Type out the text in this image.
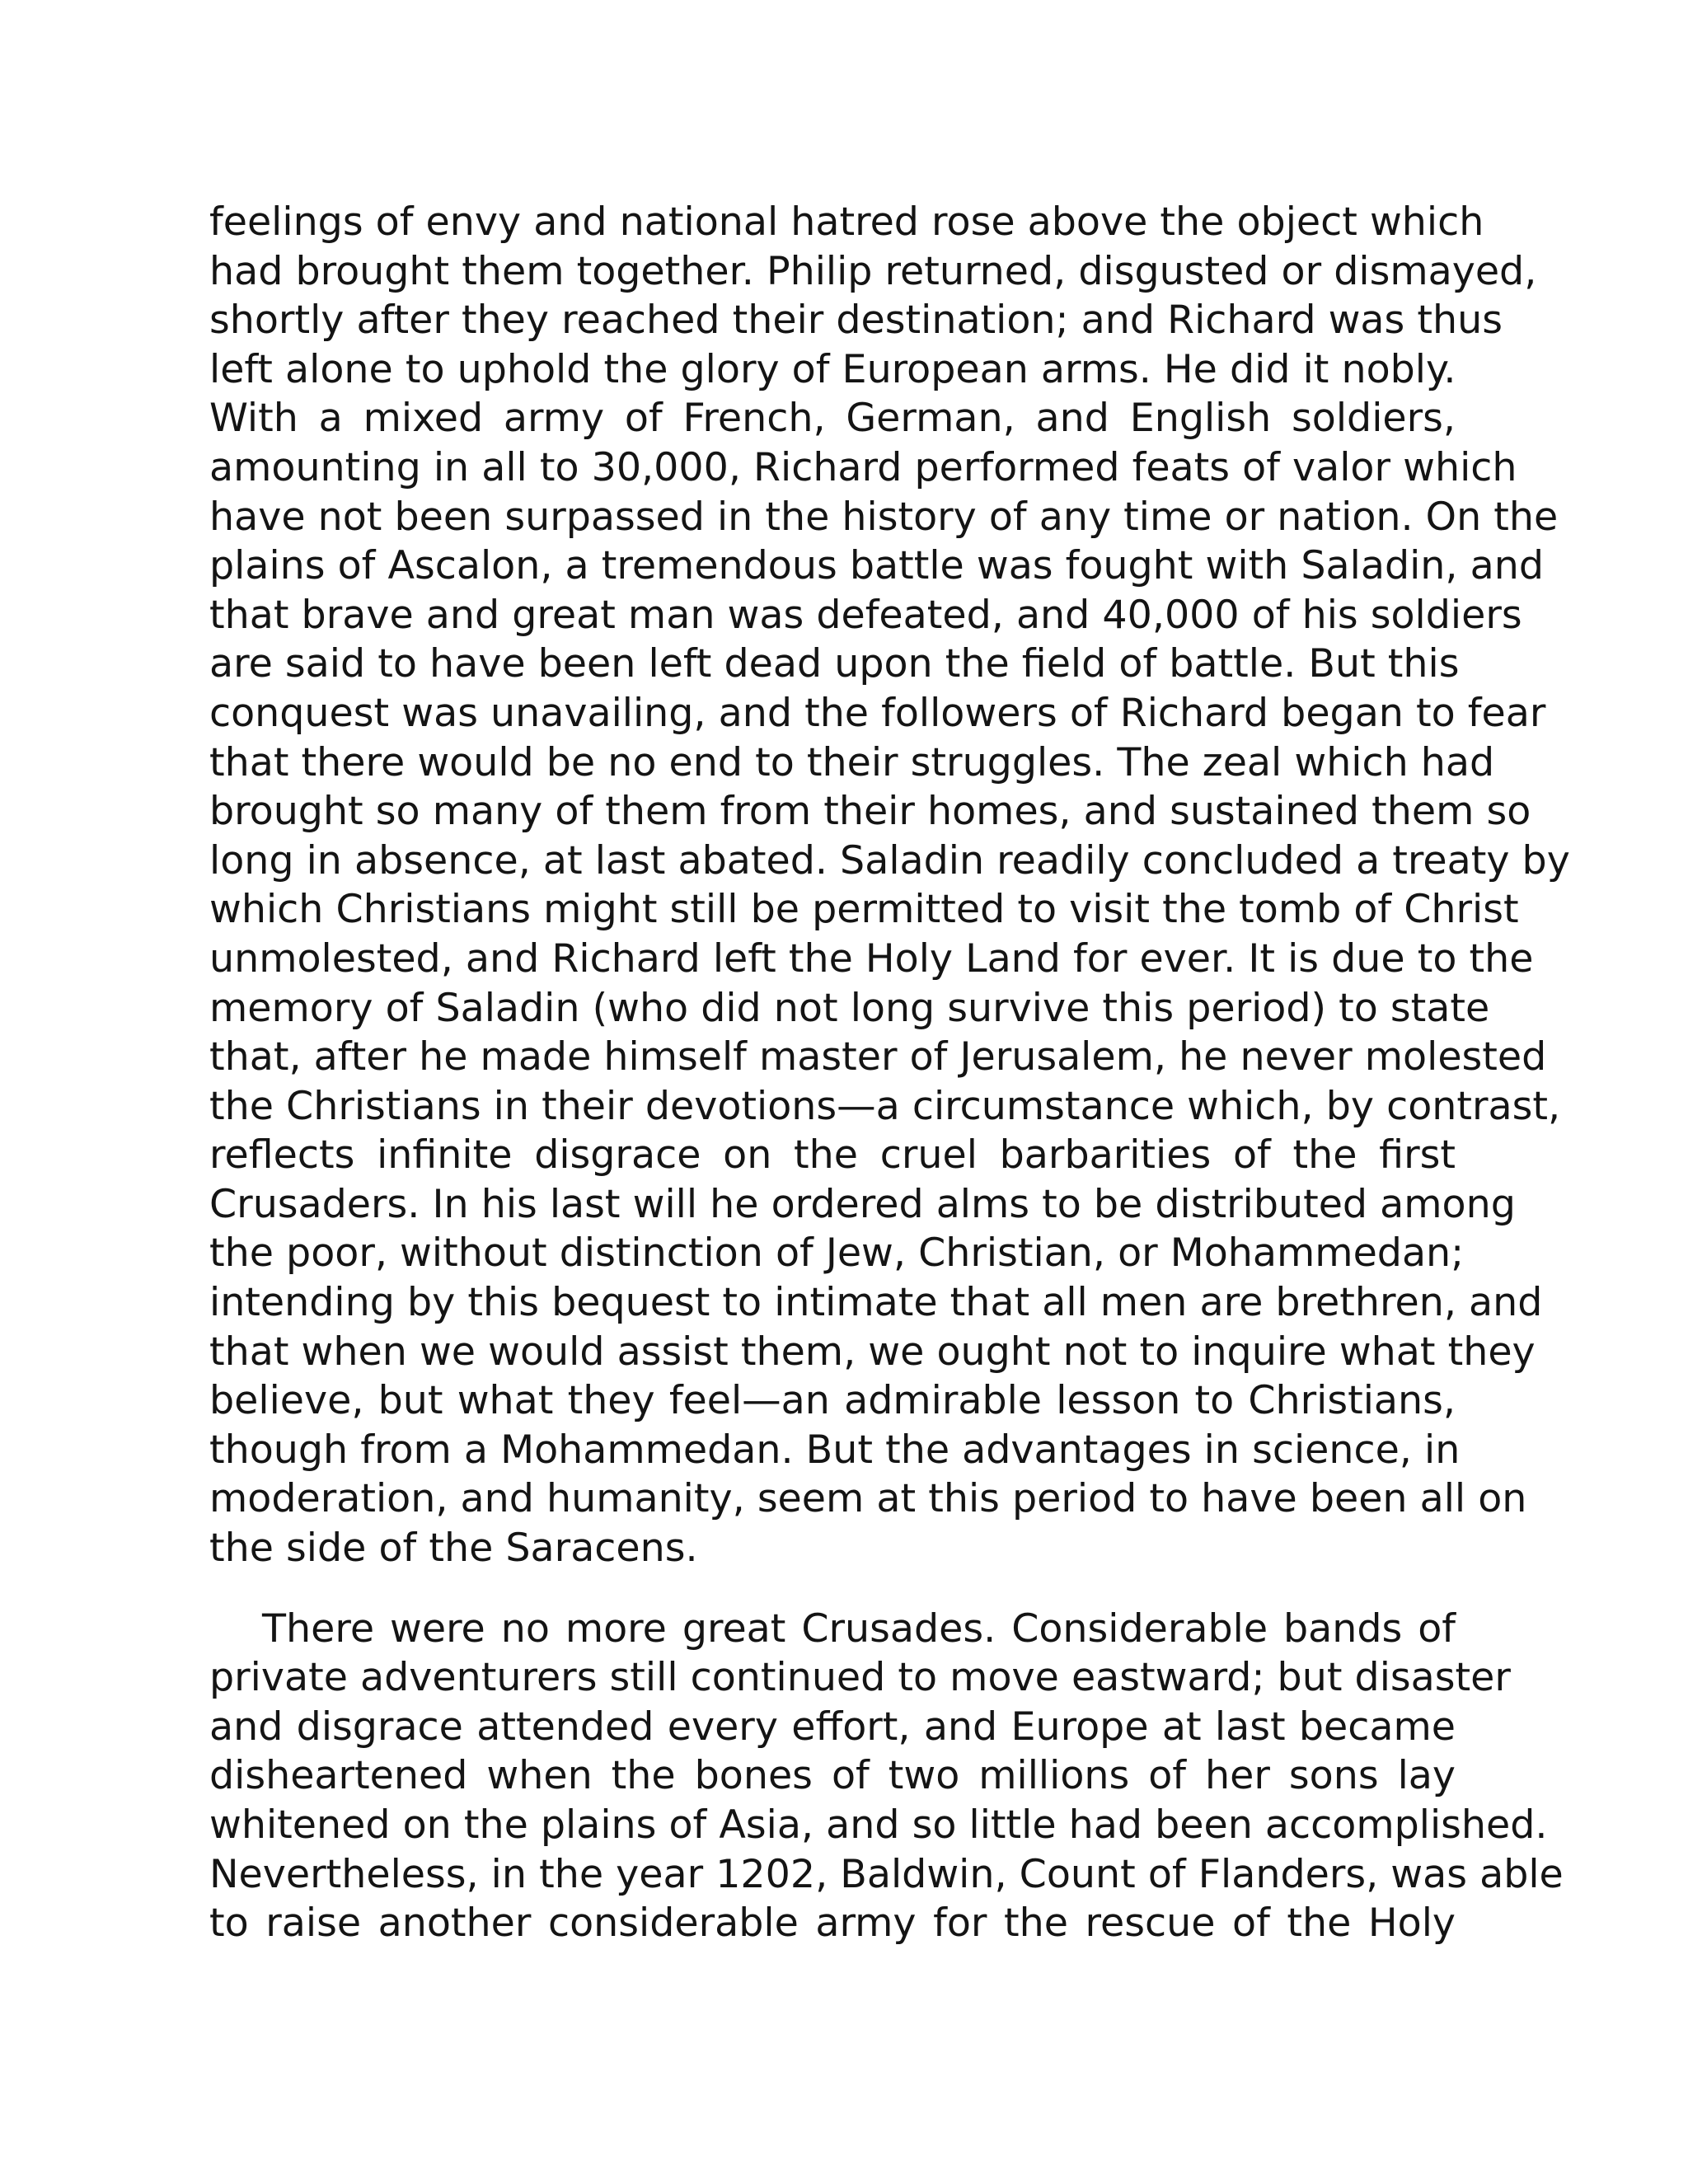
feelings of envy and national hatred rose above the object which
had brought them together. Philip returned, disgusted or dismayed,
shortly after they reached their destination; and Richard was thus
left alone to uphold the glory of European arms. He did it nobly.
With a mixed army of French, German, and English soldiers,
amounting in all to 30,000, Richard performed feats of valor which
have not been surpassed in the history of any time or nation. On the
plains of Ascalon, a tremendous battle was fought with Saladin, and
that brave and great man was defeated, and 40,000 of his soldiers
are said to have been left dead upon the field of battle. But this
conquest was unavailing, and the followers of Richard began to fear
that there would be no end to their struggles. The zeal which had
brought so many of them from their homes, and sustained them so
long in absence, at last abated. Saladin readily concluded a treaty by
which Christians might still be permitted to visit the tomb of Christ
unmolested, and Richard left the Holy Land for ever. It is due to the
memory of Saladin (who did not long survive this period) to state
that, after he made himself master of Jerusalem, he never molested
the Christians in their devotions—a circumstance which, by contrast,
reflects infinite disgrace on the cruel barbarities of the first
Crusaders. In his last will he ordered alms to be distributed among
the poor, without distinction of Jew, Christian, or Mohammedan;
intending by this bequest to intimate that all men are brethren, and
that when we would assist them, we ought not to inquire what they
believe, but what they feel—an admirable lesson to Christians,
though from a Mohammedan. But the advantages in science, in
moderation, and humanity, seem at this period to have been all on
the side of the Saracens.
There were no more great Crusades. Considerable bands of
private adventurers still continued to move eastward; but disaster
and disgrace attended every effort, and Europe at last became
disheartened when the bones of two millions of her sons lay
whitened on the plains of Asia, and so little had been accomplished.
Nevertheless, in the year 1202, Baldwin, Count of Flanders, was able
to raise another considerable army for the rescue of the Holy
